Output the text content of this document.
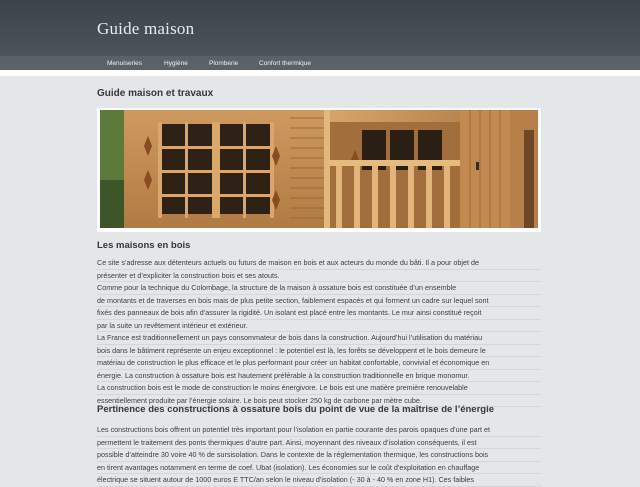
Guide maison
Menuiseries	Hygiène	Plomberie	Confort thermique
Guide maison et travaux
Les maisons en bois
Ce site s’adresse aux détenteurs actuels ou futurs de maison en bois et aux acteurs du monde du bâti. Il a pour objet de
présenter et d’expliciter la construction bois et ses atouts.
Comme pour la technique du Colombage, la structure de la maison à ossature bois est constituée d’un ensemble
de montants et de traverses en bois mais de plus petite section, faiblement espacés et qui forment un cadre sur lequel sont
fixés des panneaux de bois afin d’assurer la rigidité. Un isolant est placé entre les montants. Le mur ainsi constitué reçoit
par la suite un revêtement intérieur et extérieur.
La France est traditionnellement un pays consommateur de bois dans la construction. Aujourd’hui l’utilisation du matériau
bois dans le bâtiment représente un enjeu exceptionnel : le potentiel est là, les forêts se développent et le bois demeure le
matériau de construction le plus efficace et le plus performant pour créer un habitat confortable, convivial et économique en
énergie. La construction à ossature bois est hautement préférable à la construction traditionnelle en brique monomur.
La construction bois est le mode de construction le moins énergivore. Le bois est une matière première renouvelable
essentiellement produite par l’énergie solaire. Le bois peut stocker 250 kg de carbone par mètre cube.
Pertinence des constructions à ossature bois du point de vue de la maîtrise de l’énergie
Les constructions bois offrent un potentiel très important pour l’isolation en partie courante des parois opaques d’une part et
permettent le traitement des ponts thermiques d’autre part. Ainsi, moyennant des niveaux d’isolation conséquents, il est
possible d’atteindre 30 voire 40 % de sursisolation. Dans le contexte de la réglementation thermique, les constructions bois
en tirent avantages notamment en terme de coef. Ubat (isolation). Les économies sur le coût d’exploitation en chauffage
électrique se situent autour de 1000 euros E TTC/an selon le niveau d’isolation (- 30 à - 40 % en zone H1). Ces faibles
